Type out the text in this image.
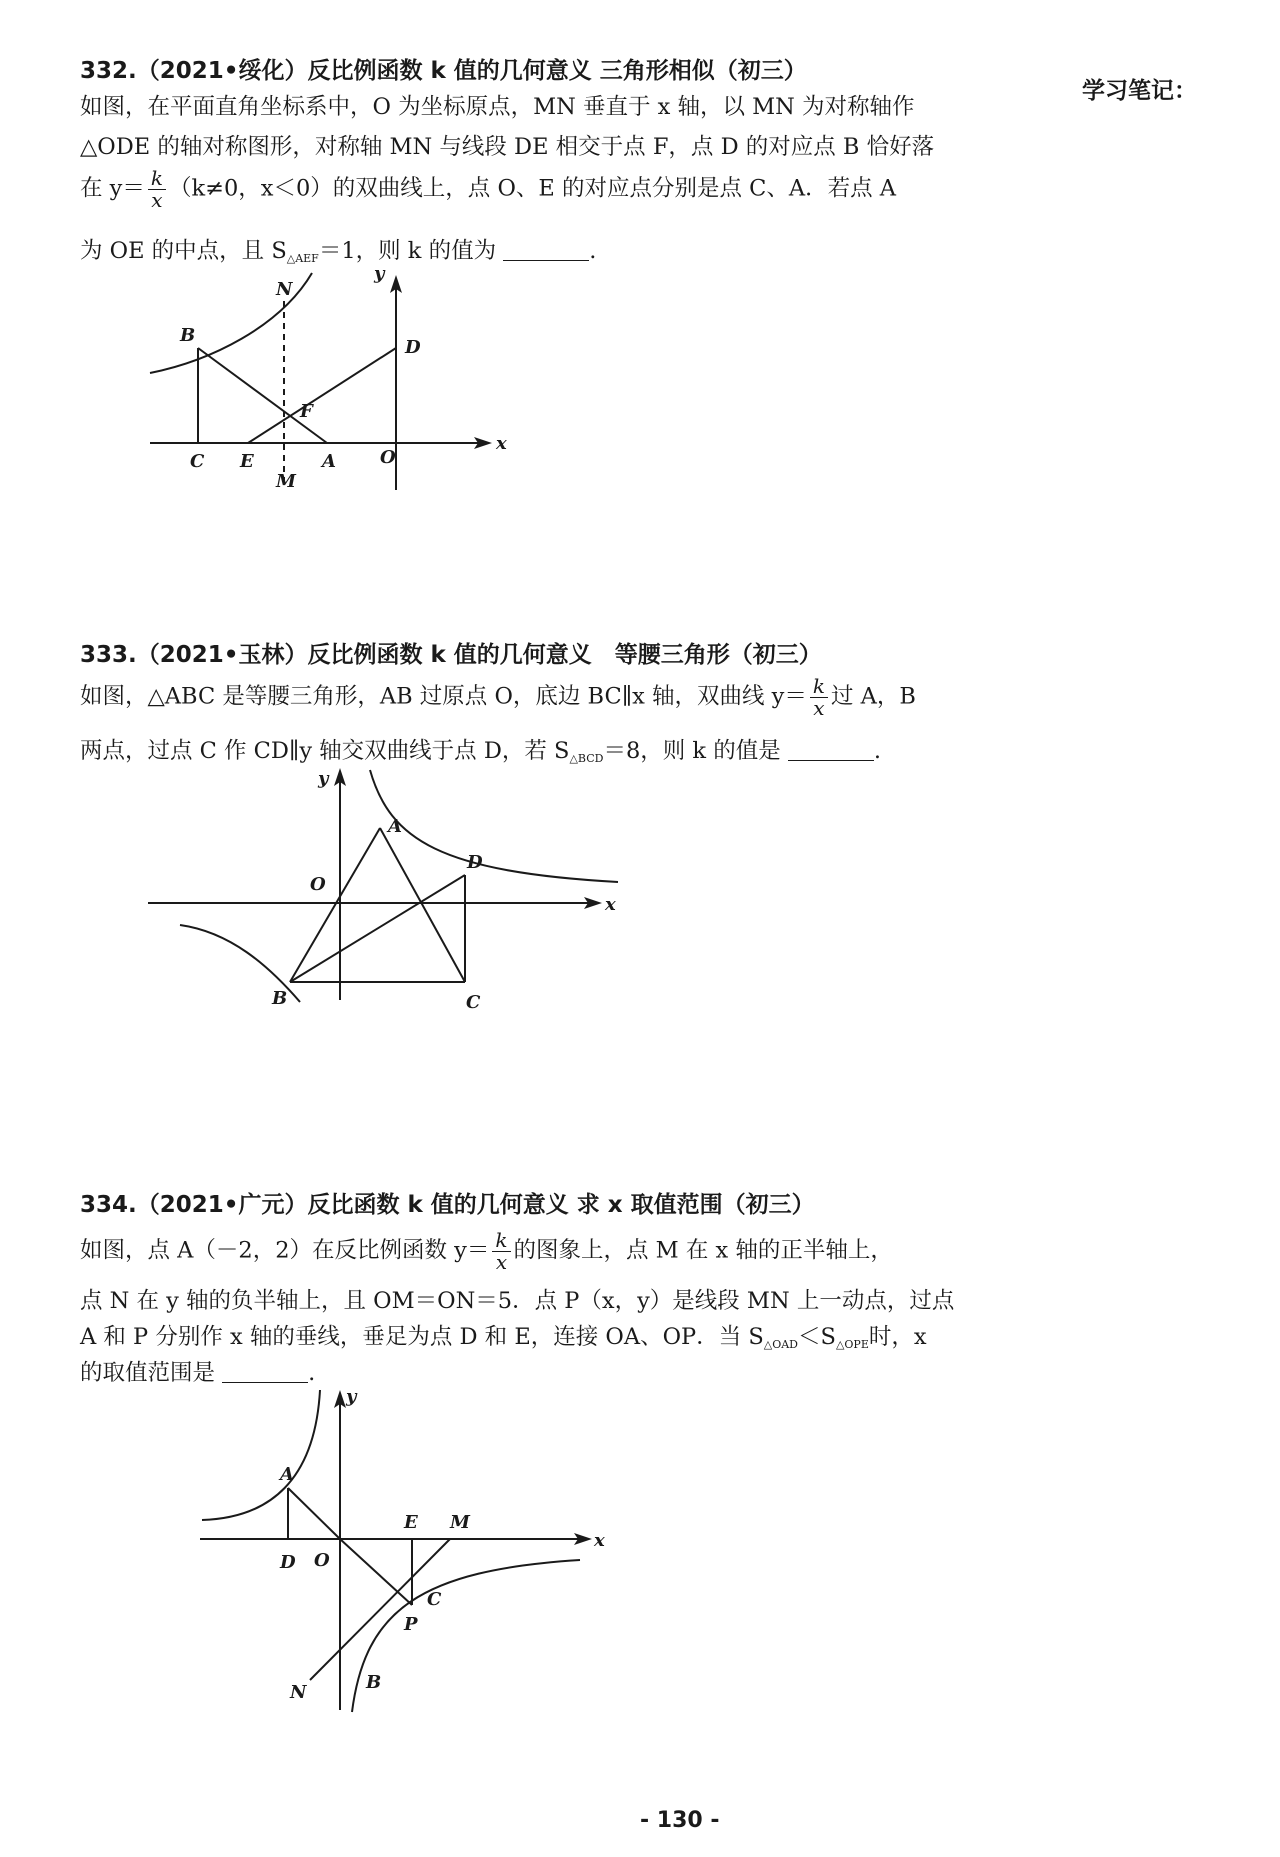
学习笔记：
332.（2021•绥化）反比例函数 k 值的几何意义 三角形相似（初三）
如图，在平面直角坐标系中，O 为坐标原点，MN 垂直于 x 轴，以 MN 为对称轴作
△ODE 的轴对称图形，对称轴 MN 与线段 DE 相交于点 F，点 D 的对应点 B 恰好落
在 $y= \frac{k}{x} (k\ne 0$，x＜0）的双曲线上，点 O、E 的对应点分别是点 C、A．若点 A
为 OE 的中点，且 $S_{\triangle AEF}=1$，则 k 的值为	.
B
N
D
F
C E	A O
M
x
y
333.（2021•玉林）反比例函数 k 值的几何意义　等腰三角形（初三）
如图，△ABC 是等腰三角形，AB 过原点 O，底边 BC∥x 轴，双曲线 $y= \frac{k}{x}$ 过 A，B
两点，过点 C 作 CD∥y 轴交双曲线于点 D，若 $S_{\triangle BCD}=8$，则 k 的值是	.
A
D
O
B	C
x
y
334.（2021•广元）反比函数 k 值的几何意义 求 x 取值范围（初三）
如图，点 A（－2，2）在反比例函数 $y= \frac{k}{x}$ 的图象上，点 M 在 x 轴的正半轴上，
点 N 在 y 轴的负半轴上，且 OM＝ON＝5．点 P（x，y）是线段 MN 上一动点，过点
A 和 P 分别作 x 轴的垂线，垂足为点 D 和 E，连接 OA、OP．当 $S_{\triangle OAD}<S_{\triangle OPE}$时，x
的取值范围是	.
A
E M
D O
C
P
B
N
x
y
- 130 -
